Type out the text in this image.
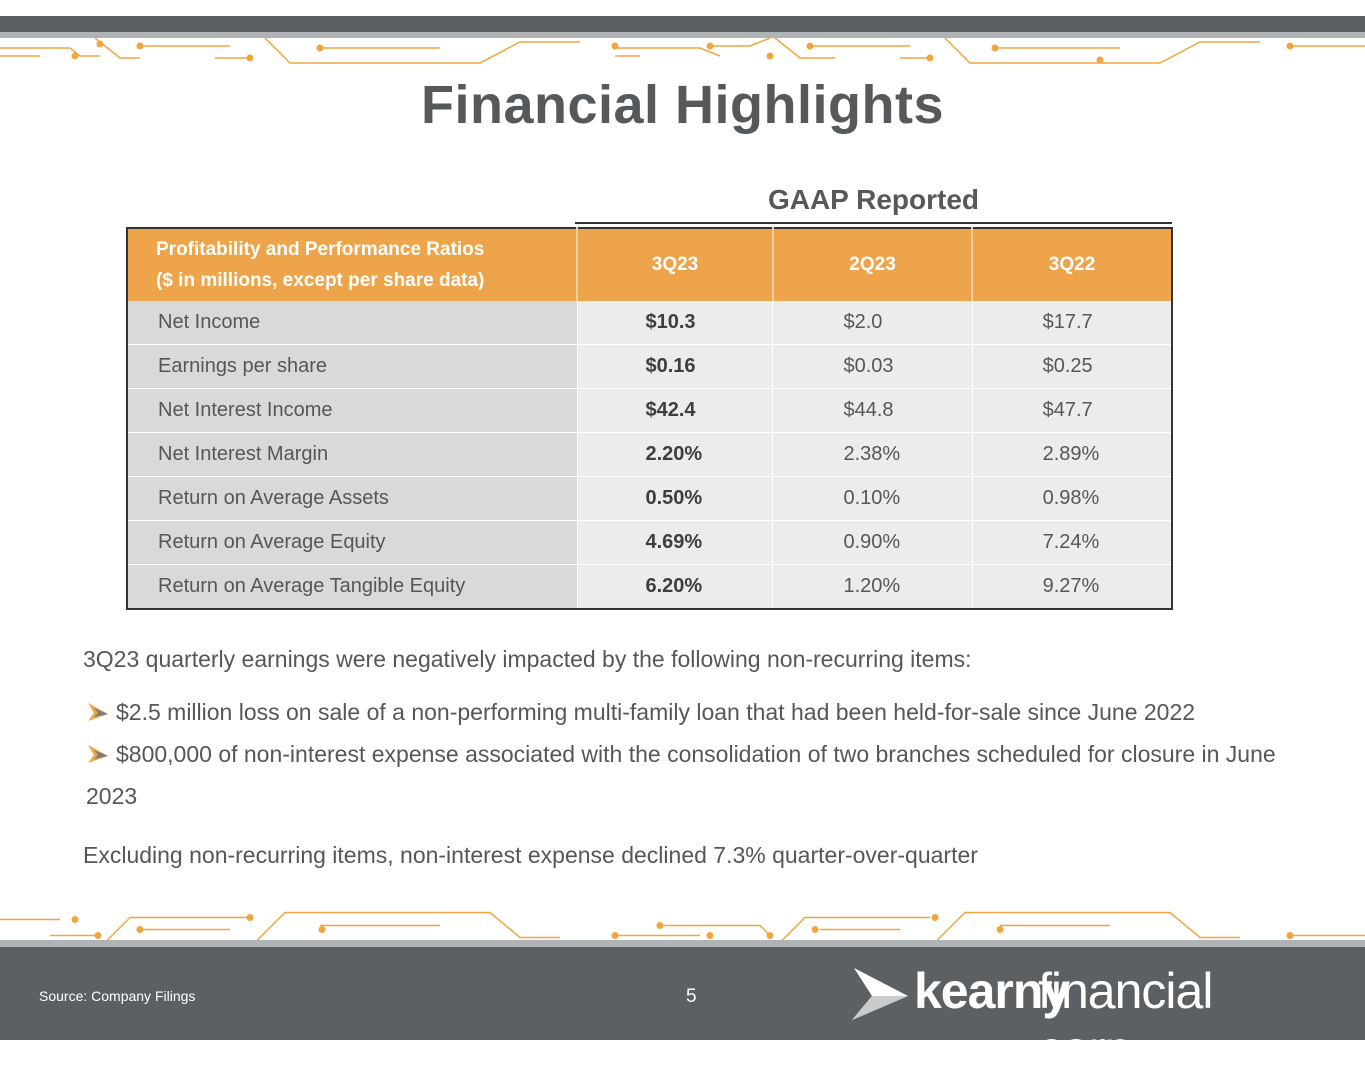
Financial Highlights
GAAP Reported
Profitability and Performance Ratios
($ in millions, except per share data)	3Q23	2Q23	3Q22
Net Income	$10.3	$2.0	$17.7
Earnings per share	$0.16	$0.03	$0.25
Net Interest Income	$42.4	$44.8	$47.7
Net Interest Margin	2.20%	2.38%	2.89%
Return on Average Assets	0.50%	0.10%	0.98%
Return on Average Equity	4.69%	0.90%	7.24%
Return on Average Tangible Equity	6.20%	1.20%	9.27%
3Q23 quarterly earnings were negatively impacted by the following non-recurring items:
$2.5 million loss on sale of a non-performing multi-family loan that had been held-for-sale since June 2022
$800,000 of non-interest expense associated with the consolidation of two branches scheduled for closure in June 2023
Excluding non-recurring items, non-interest expense declined 7.3% quarter-over-quarter
Source: Company Filings	5	kearny
financial corp.
